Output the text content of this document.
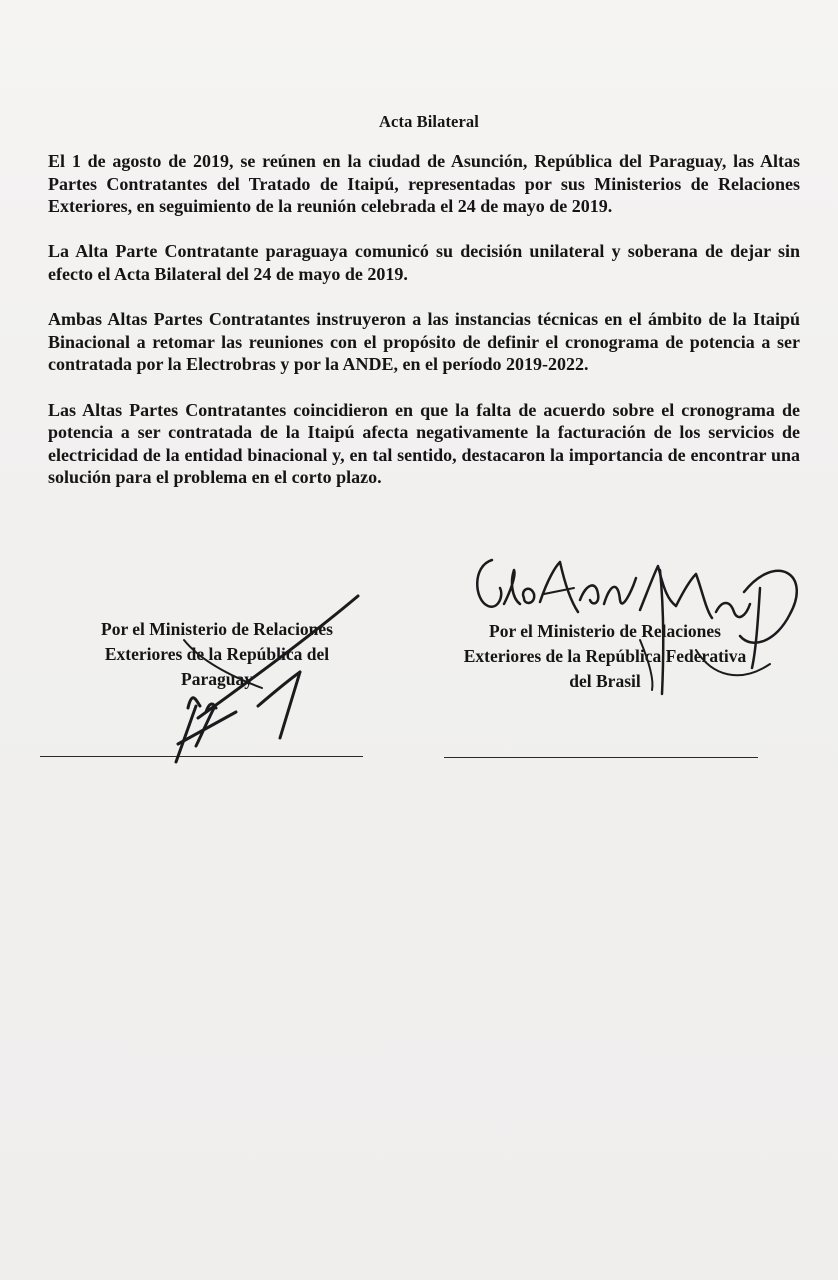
Acta Bilateral

El 1 de agosto de 2019, se reúnen en la ciudad de Asunción, República del Paraguay, las Altas Partes Contratantes del Tratado de Itaipú, representadas por sus Ministerios de Relaciones Exteriores, en seguimiento de la reunión celebrada el 24 de mayo de 2019.

La Alta Parte Contratante paraguaya comunicó su decisión unilateral y soberana de dejar sin efecto el Acta Bilateral del 24 de mayo de 2019.

Ambas Altas Partes Contratantes instruyeron a las instancias técnicas en el ámbito de la Itaipú Binacional a retomar las reuniones con el propósito de definir el cronograma de potencia a ser contratada por la Electrobras y por la ANDE, en el período 2019-2022.

Las Altas Partes Contratantes coincidieron en que la falta de acuerdo sobre el cronograma de potencia a ser contratada de la Itaipú afecta negativamente la facturación de los servicios de electricidad de la entidad binacional y, en tal sentido, destacaron la importancia de encontrar una solución para el problema en el corto plazo.

Por el Ministerio de Relaciones
Exteriores de la República del
Paraguay
Por el Ministerio de Relaciones
Exteriores de la República Federativa
del Brasil
